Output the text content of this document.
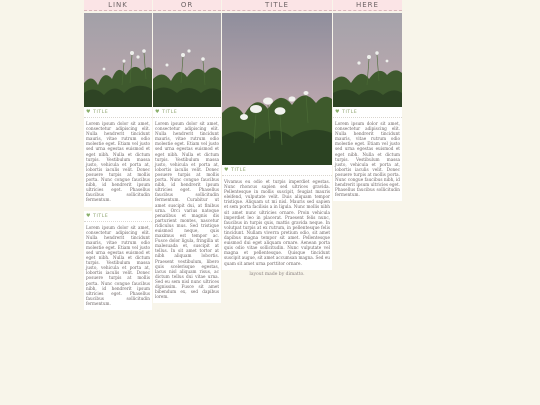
LINK	OR	TITLE	HERE
♥ TITLE
Lorem ipsum dolor sit amet, consectetur adipiscing elit. Nulla hendrerit tincidunt mauris, vitae rutrum odio molestie eget. Etiam vel justo sed urna egestas euismod et eget nibh. Nulla et dictum turpis. Vestibulum massa justo, vehicula et porta at, lobortis iaculis velit. Donec posuere turpis at mollis porta. Nunc congue faucibus nibh, id hendrerit ipsum ultricies eget. Phasellus faucibus sollicitudin fermentum.
♥ TITLE
Lorem ipsum dolor sit amet, consectetur adipiscing elit. Nulla hendrerit tincidunt mauris, vitae rutrum odio molestie eget. Etiam vel justo sed urna egestas euismod et eget nibh. Nulla et dictum turpis. Vestibulum massa justo, vehicula et porta at, lobortis iaculis velit. Donec posuere turpis at mollis porta. Nunc congue faucibus nibh, id hendrerit ipsum ultricies eget. Phasellus faucibus sollicitudin fermentum.
♥ TITLE
Lorem ipsum dolor sit amet, consectetur adipiscing elit. Nulla hendrerit tincidunt mauris, vitae rutrum odio molestie eget. Etiam vel justo sed urna egestas euismod et eget nibh. Nulla et dictum turpis. Vestibulum massa justo, vehicula et porta at, lobortis iaculis velit. Donec posuere turpis at mollis porta. Nunc congue faucibus nibh, id hendrerit ipsum ultricies eget. Phasellus faucibus sollicitudin fermentum. Curabitur ut amet suscipit dui, at finibus urna. Orci varius natoque penatibus et magnis dis parturient montes, nascetur ridiculus mus. Sed tristique euismod neque, quis maximus est tempor ac. Fusce dolor ligula, fringilla ut malesuada et, suscipit at tellus. In sit amet tortor at nibh aliquam lobortis. Praesent vestibulum, libero quis scelerisque egestas, lacus nisl aliquam risus, ac dictum tellus dui vitae urna. Sed eu sem nisl nunc ultrices dignissim. Fusce sit amet bibendum ex, sed dapibus lorem.
♥ TITLE
Vivamus eu odio et turpis imperdiet egestas. Nunc rhoncus sapien sed ultrices gravida. Pellentesque in mollis suscipit, feugiat mauris eleifend, vulputate velit. Duis aliquam tempor tristique. Aliquam ut mi nisl. Mauris sed sapien et sem porta facilisis a in ligula. Nunc mollis nibh sit amet nunc ultricies ornare. Proin vehicula imperdiet leo in placerat. Praesent felis nunc, faucibus in turpis quis, mattis gravida neque. In volutpat turpis at ex rutrum, in pellentesque felis tincidunt. Nullam viverra pretium odio, sit amet dapibus magna tempor sit amet. Pellentesque euismod dui eget aliquam ornare. Aenean porta quis odio vitae sollicitudin. Nunc vulputate vel magna et pellentesque. Quisque tincidunt suscipit augue, sit amet accumsan magna. Sed eu quam sit amet urna porttitor ornare.
♥ TITLE
Lorem ipsum dolor sit amet, consectetur adipiscing elit. Nulla hendrerit tincidunt mauris, vitae rutrum odio molestie eget. Etiam vel justo sed urna egestas euismod et eget nibh. Nulla et dictum turpis. Vestibulum massa justo, vehicula et porta at, lobortis iaculis velit. Donec posuere turpis at mollis porta. Nunc congue faucibus nibh, id hendrerit ipsum ultricies eget. Phasellus faucibus sollicitudin fermentum.
layout made by dimatto.
